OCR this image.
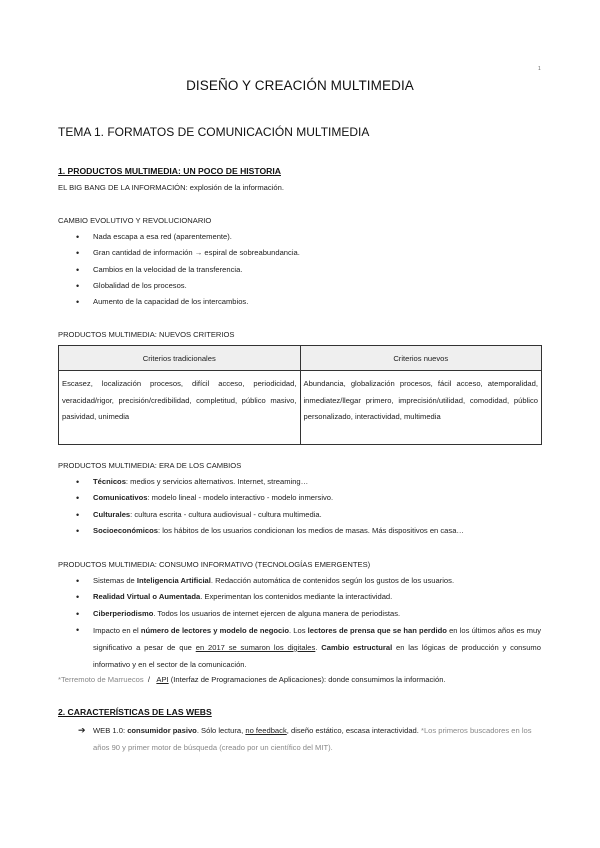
1
DISEÑO Y CREACIÓN MULTIMEDIA
TEMA 1. FORMATOS DE COMUNICACIÓN MULTIMEDIA
1. PRODUCTOS MULTIMEDIA: UN POCO DE HISTORIA
EL BIG BANG DE LA INFORMACIÓN: explosión de la información.
CAMBIO EVOLUTIVO Y REVOLUCIONARIO
• Nada escapa a esa red (aparentemente).
• Gran cantidad de información → espiral de sobreabundancia.
• Cambios en la velocidad de la transferencia.
• Globalidad de los procesos.
• Aumento de la capacidad de los intercambios.
PRODUCTOS MULTIMEDIA: NUEVOS CRITERIOS
Criterios tradicionales	Criterios nuevos
Escasez, localización procesos, difícil acceso, periodicidad, veracidad/rigor, precisión/credibilidad, completitud, público masivo, pasividad, unimedia	Abundancia, globalización procesos, fácil acceso, atemporalidad, inmediatez/llegar primero, imprecisión/utilidad, comodidad, público personalizado, interactividad, multimedia
PRODUCTOS MULTIMEDIA: ERA DE LOS CAMBIOS
• Técnicos: medios y servicios alternativos. Internet, streaming…
• Comunicativos: modelo lineal - modelo interactivo - modelo inmersivo.
• Culturales: cultura escrita - cultura audiovisual - cultura multimedia.
• Socioeconómicos: los hábitos de los usuarios condicionan los medios de masas. Más dispositivos en casa…
PRODUCTOS MULTIMEDIA: CONSUMO INFORMATIVO (TECNOLOGÍAS EMERGENTES)
• Sistemas de Inteligencia Artificial. Redacción automática de contenidos según los gustos de los usuarios.
• Realidad Virtual o Aumentada. Experimentan los contenidos mediante la interactividad.
• Ciberperiodismo. Todos los usuarios de internet ejercen de alguna manera de periodistas.
• Impacto en el número de lectores y modelo de negocio. Los lectores de prensa que se han perdido en los últimos años es muy significativo a pesar de que en 2017 se sumaron los digitales. Cambio estructural en las lógicas de producción y consumo informativo y en el sector de la comunicación.
*Terremoto de Marruecos / API (Interfaz de Programaciones de Aplicaciones): donde consumimos la información.
2. CARACTERÍSTICAS DE LAS WEBS
➔ WEB 1.0: consumidor pasivo. Sólo lectura, no feedback, diseño estático, escasa interactividad. *Los primeros buscadores en los años 90 y primer motor de búsqueda (creado por un científico del MIT).
